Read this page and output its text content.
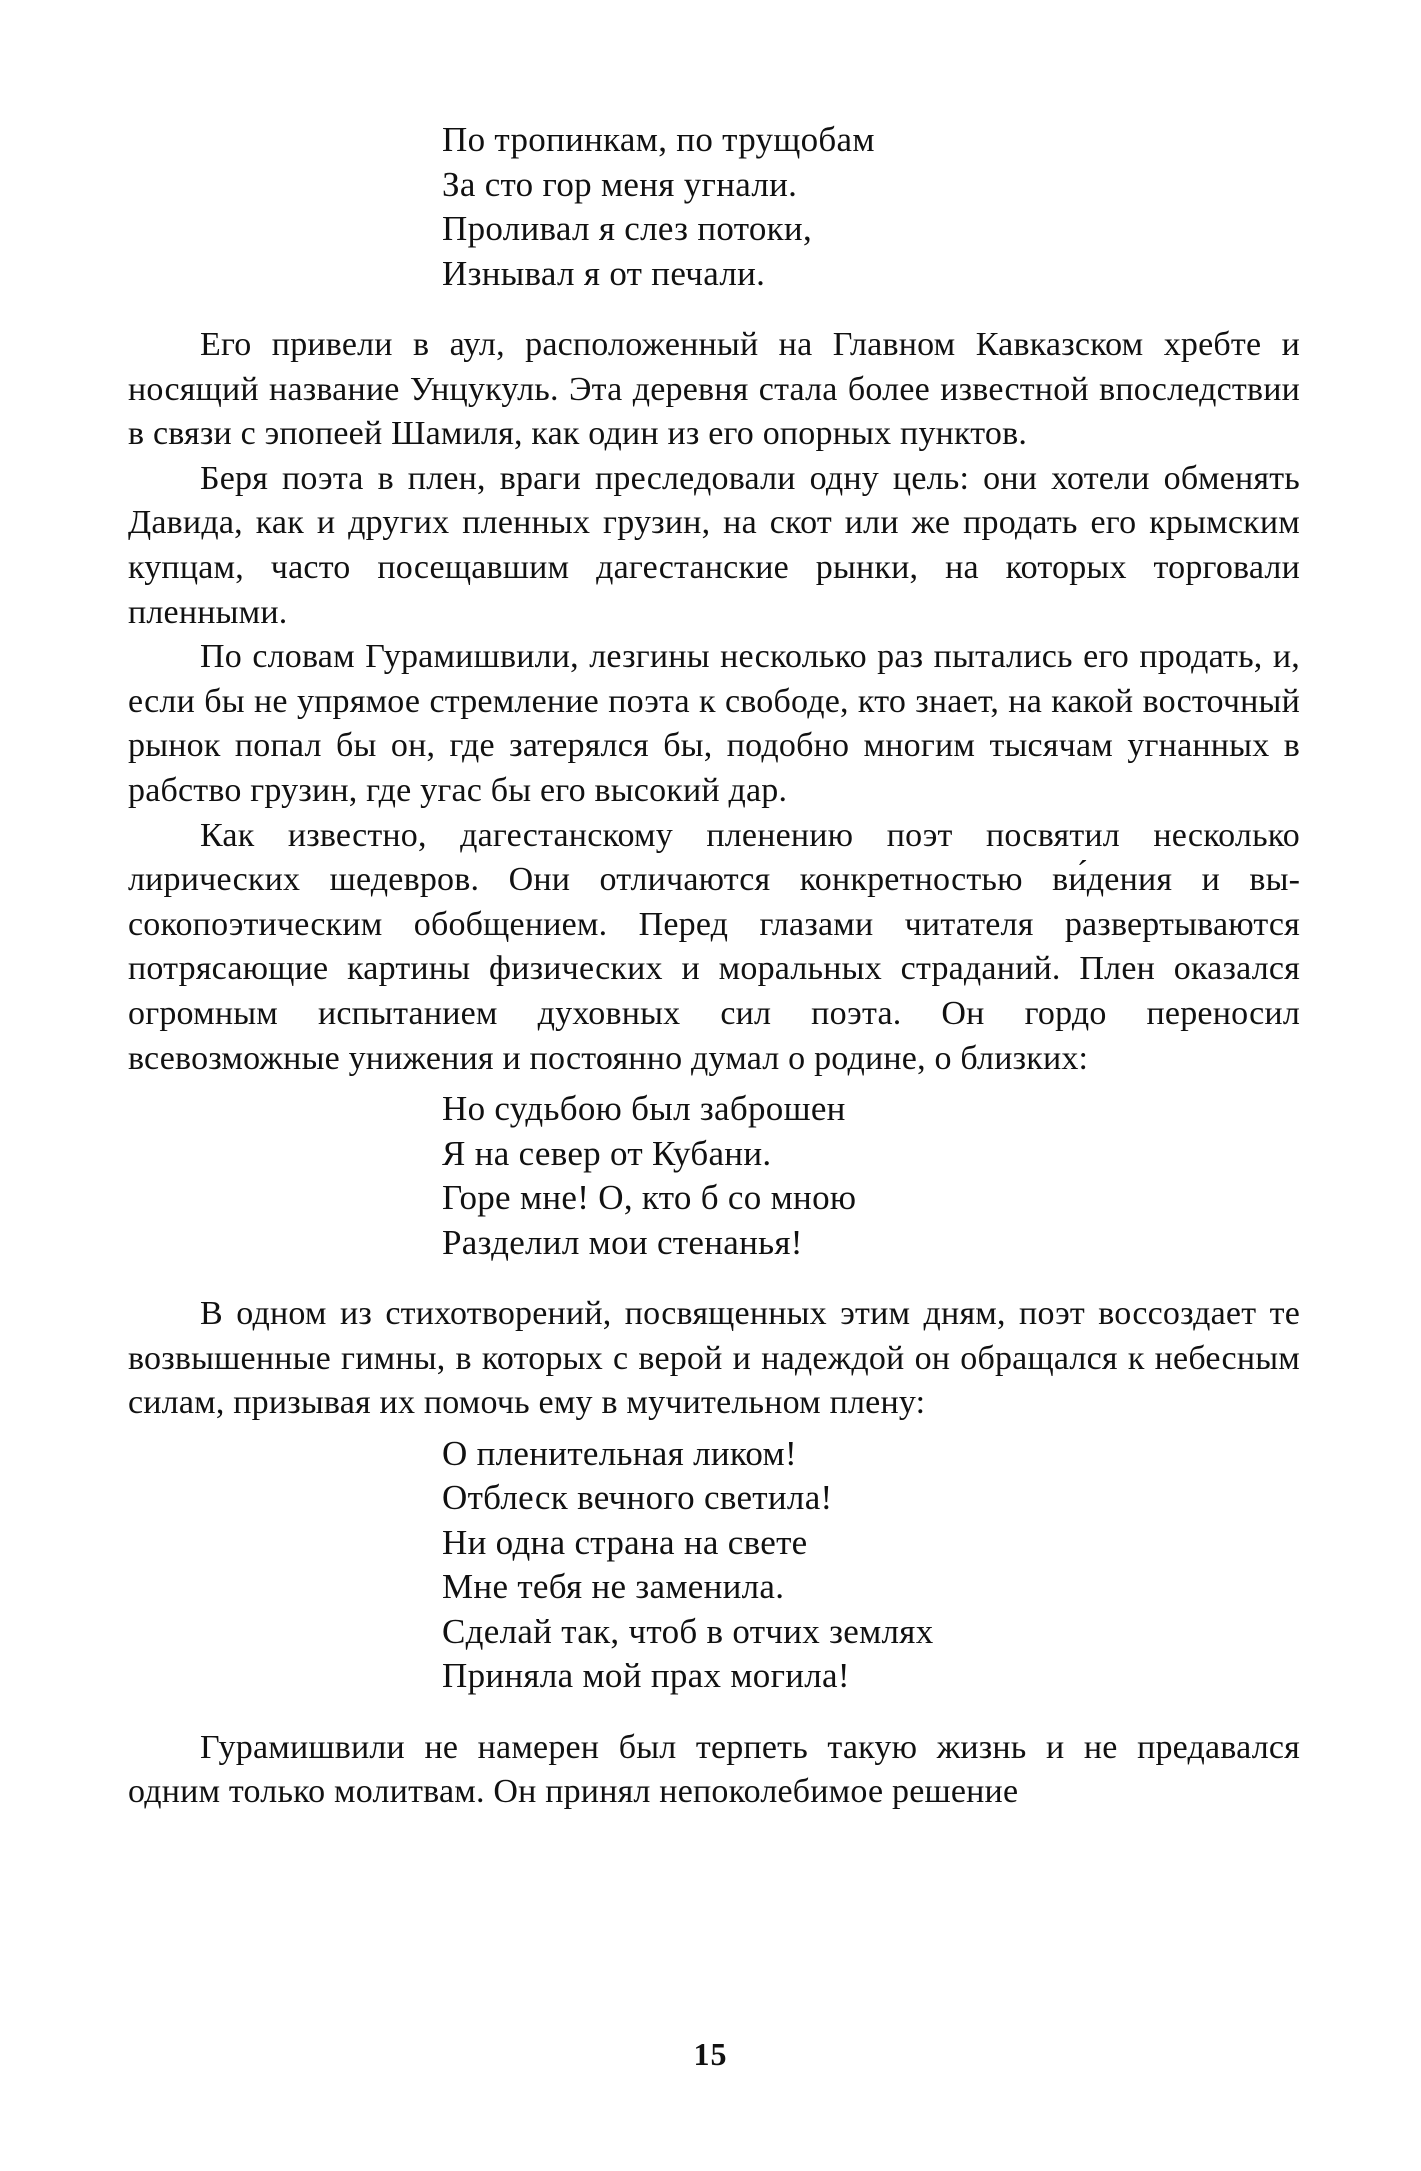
По тропинкам, по трущобам
За сто гор меня угнали.
Проливал я слез потоки,
Изнывал я от печали.

Его привели в аул, расположенный на Главном Кавказском хребте и носящий название Унцукуль. Эта деревня стала более известной впоследствии в связи с эпопеей Шамиля, как один из его опорных пунктов.

Беря поэта в плен, враги преследовали одну цель: они хотели обменять Давида, как и других пленных грузин, на скот или же продать его крымским купцам, часто посещавшим дагестанские рынки, на которых торговали пленными.

По словам Гурамишвили, лезгины несколько раз пытались его продать, и, если бы не упрямое стремление поэта к свободе, кто знает, на какой восточный рынок попал бы он, где затерялся бы, подобно многим тысячам угнанных в рабство грузин, где угас бы его высокий дар.

Как известно, дагестанскому пленению поэт посвятил несколько лирических шедевров. Они отличаются конкретностью ви́дения и высокопоэтическим обобщением. Перед глазами читателя развертываются потрясающие картины физических и моральных страданий. Плен оказался огромным испытанием духовных сил поэта. Он гордо переносил всевозможные унижения и постоянно думал о родине, о близких:

Но судьбою был заброшен
Я на север от Кубани.
Горе мне! О, кто б со мною
Разделил мои стенанья!

В одном из стихотворений, посвященных этим дням, поэт воссоздает те возвышенные гимны, в которых с верой и надеждой он обращался к небесным силам, призывая их помочь ему в мучительном плену:

О пленительная ликом!
Отблеск вечного светила!
Ни одна страна на свете
Мне тебя не заменила.
Сделай так, чтоб в отчих землях
Приняла мой прах могила!

Гурамишвили не намерен был терпеть такую жизнь и не предавался одним только молитвам. Он принял непоколебимое решение

15
